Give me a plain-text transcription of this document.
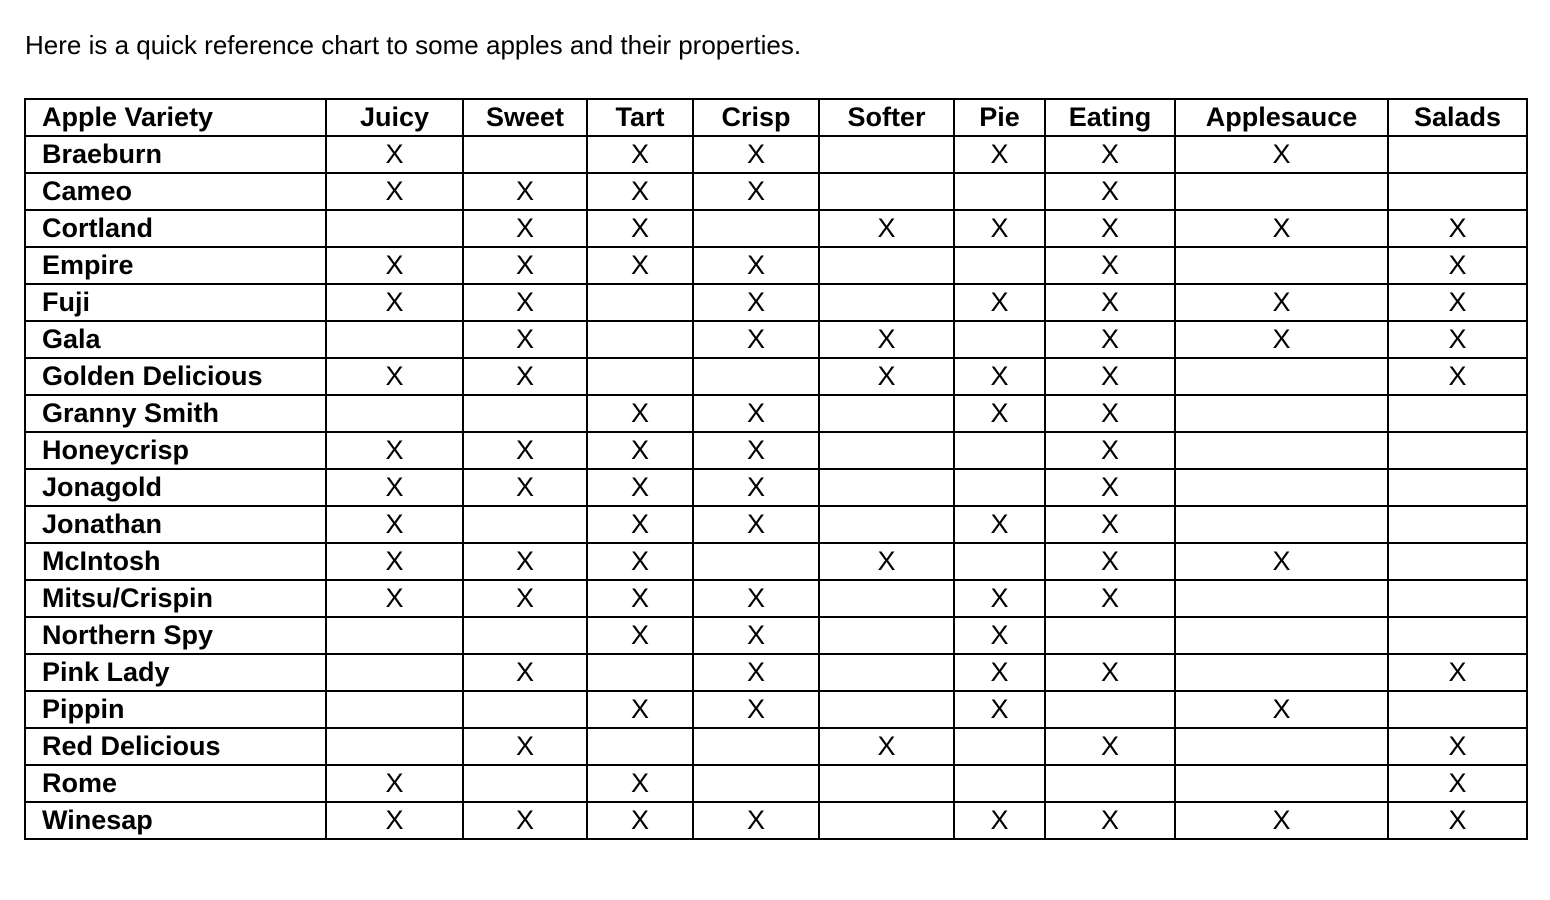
Here is a quick reference chart to some apples and their properties.
Apple Variety	Juicy	Sweet	Tart	Crisp	Softer	Pie	Eating	Applesauce	Salads
Braeburn	X		X	X		X	X	X	
Cameo	X	X	X	X			X		
Cortland		X	X		X	X	X	X	X
Empire	X	X	X	X			X		X
Fuji	X	X		X		X	X	X	X
Gala		X		X	X		X	X	X
Golden Delicious	X	X			X	X	X		X
Granny Smith			X	X		X	X		
Honeycrisp	X	X	X	X			X		
Jonagold	X	X	X	X			X		
Jonathan	X		X	X		X	X		
McIntosh	X	X	X		X		X	X	
Mitsu/Crispin	X	X	X	X		X	X		
Northern Spy			X	X		X			
Pink Lady		X		X		X	X		X
Pippin			X	X		X		X	
Red Delicious		X			X		X		X
Rome	X		X						X
Winesap	X	X	X	X		X	X	X	X
